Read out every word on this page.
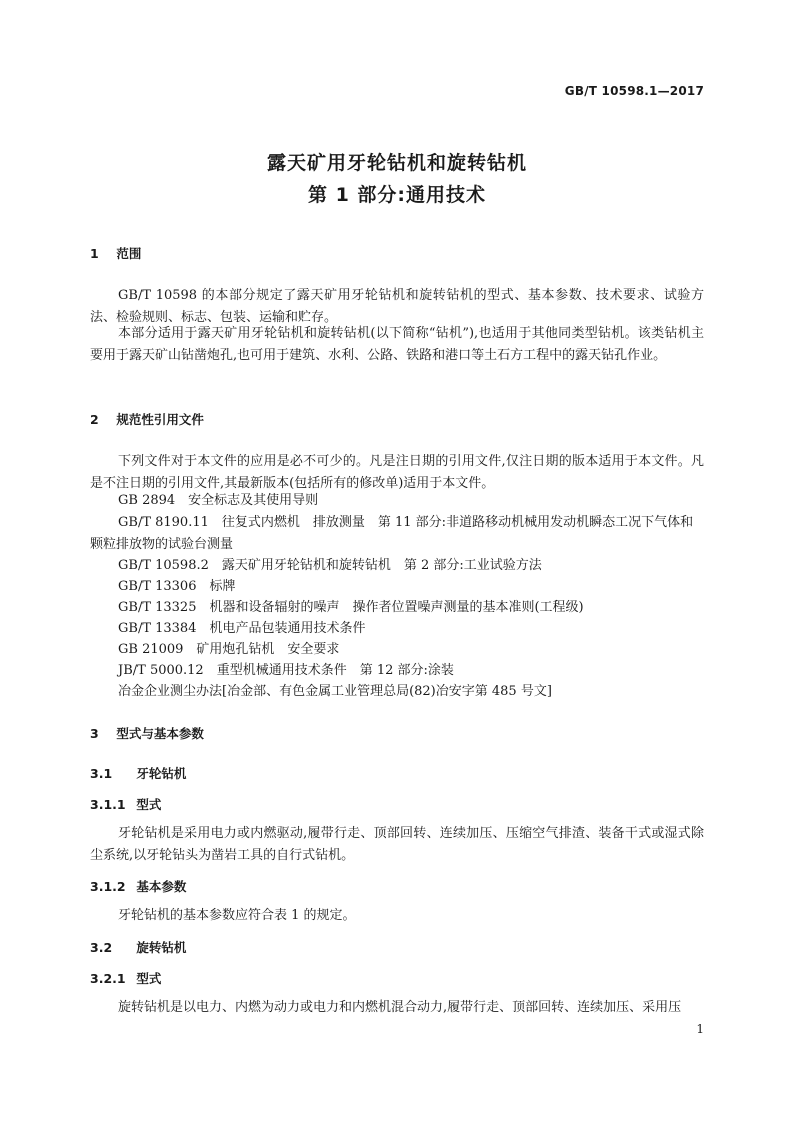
GB/T 10598.1—2017
露天矿用牙轮钻机和旋转钻机
第 1 部分:通用技术
1 范围

GB/T 10598 的本部分规定了露天矿用牙轮钻机和旋转钻机的型式、基本参数、技术要求、试验方法、检验规则、标志、包装、运输和贮存。

本部分适用于露天矿用牙轮钻机和旋转钻机(以下简称“钻机”),也适用于其他同类型钻机。该类钻机主要用于露天矿山钻凿炮孔,也可用于建筑、水利、公路、铁路和港口等土石方工程中的露天钻孔作业。

2 规范性引用文件

下列文件对于本文件的应用是必不可少的。凡是注日期的引用文件,仅注日期的版本适用于本文件。凡是不注日期的引用文件,其最新版本(包括所有的修改单)适用于本文件。

GB 2894　安全标志及其使用导则

GB/T 8190.11　往复式内燃机　排放测量　第 11 部分:非道路移动机械用发动机瞬态工况下气体和颗粒排放物的试验台测量

GB/T 10598.2　露天矿用牙轮钻机和旋转钻机　第 2 部分:工业试验方法
GB/T 13306　标牌
GB/T 13325　机器和设备辐射的噪声　操作者位置噪声测量的基本准则(工程级)
GB/T 13384　机电产品包装通用技术条件
GB 21009　矿用炮孔钻机　安全要求
JB/T 5000.12　重型机械通用技术条件　第 12 部分:涂装
冶金企业测尘办法[冶金部、有色金属工业管理总局(82)冶安字第 485 号文]
3 型式与基本参数
3.1 牙轮钻机
3.1.1 型式

牙轮钻机是采用电力或内燃驱动,履带行走、顶部回转、连续加压、压缩空气排渣、装备干式或湿式除尘系统,以牙轮钻头为凿岩工具的自行式钻机。

3.1.2 基本参数

牙轮钻机的基本参数应符合表 1 的规定。

3.2 旋转钻机
3.2.1 型式

旋转钻机是以电力、内燃为动力或电力和内燃机混合动力,履带行走、顶部回转、连续加压、采用压

1
